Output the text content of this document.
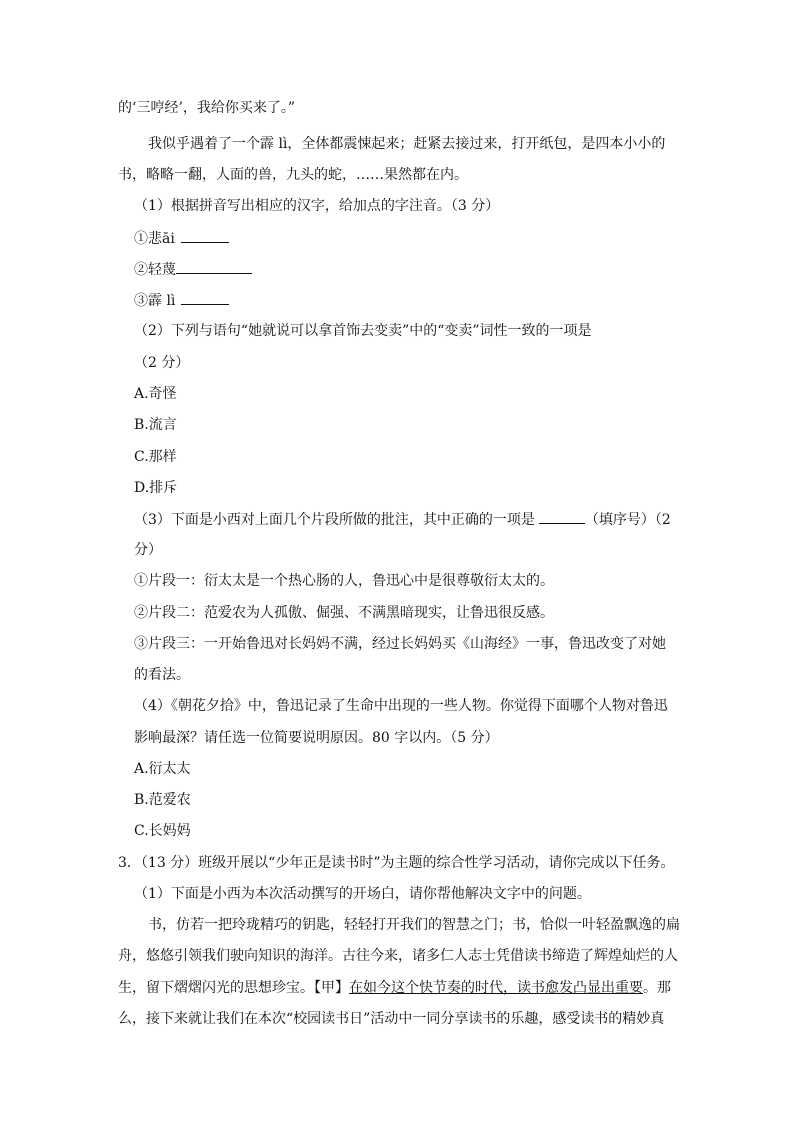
的‘三哼经’，我给你买来了。”
我似乎遇着了一个霹 lì，全体都震悚起来；赶紧去接过来，打开纸包，是四本小小的
书，略略一翻，人面的兽，九头的蛇，……果然都在内。
（1）根据拼音写出相应的汉字，给加点的字注音。（3 分）
①悲āi
②轻蔑
③霹 lì
（2）下列与语句“她就说可以拿首饰去变卖”中的“变卖”词性一致的一项是
（2 分）
A.奇怪
B.流言
C.那样
D.排斥
（3）下面是小西对上面几个片段所做的批注，其中正确的一项是	（填序号）（2
分）
①片段一：衍太太是一个热心肠的人，鲁迅心中是很尊敬衍太太的。
②片段二：范爱农为人孤傲、倔强、不满黑暗现实，让鲁迅很反感。
③片段三：一开始鲁迅对长妈妈不满，经过长妈妈买《山海经》一事，鲁迅改变了对她
的看法。
（4）《朝花夕拾》中，鲁迅记录了生命中出现的一些人物。你觉得下面哪个人物对鲁迅
影响最深？请任选一位简要说明原因。80 字以内。（5 分）
A.衍太太
B.范爱农
C.长妈妈
3．（13 分）班级开展以“少年正是读书时”为主题的综合性学习活动，请你完成以下任务。
（1）下面是小西为本次活动撰写的开场白，请你帮他解决文字中的问题。
书，仿若一把玲珑精巧的钥匙，轻轻打开我们的智慧之门；书，恰似一叶轻盈飘逸的扁
舟，悠悠引领我们驶向知识的海洋。古往今来，诸多仁人志士凭借读书缔造了辉煌灿烂的人
生，留下熠熠闪光的思想珍宝。【甲】在如今这个快节奏的时代，读书愈发凸显出重要。那
么，接下来就让我们在本次“校园读书日”活动中一同分享读书的乐趣，感受读书的精妙真
